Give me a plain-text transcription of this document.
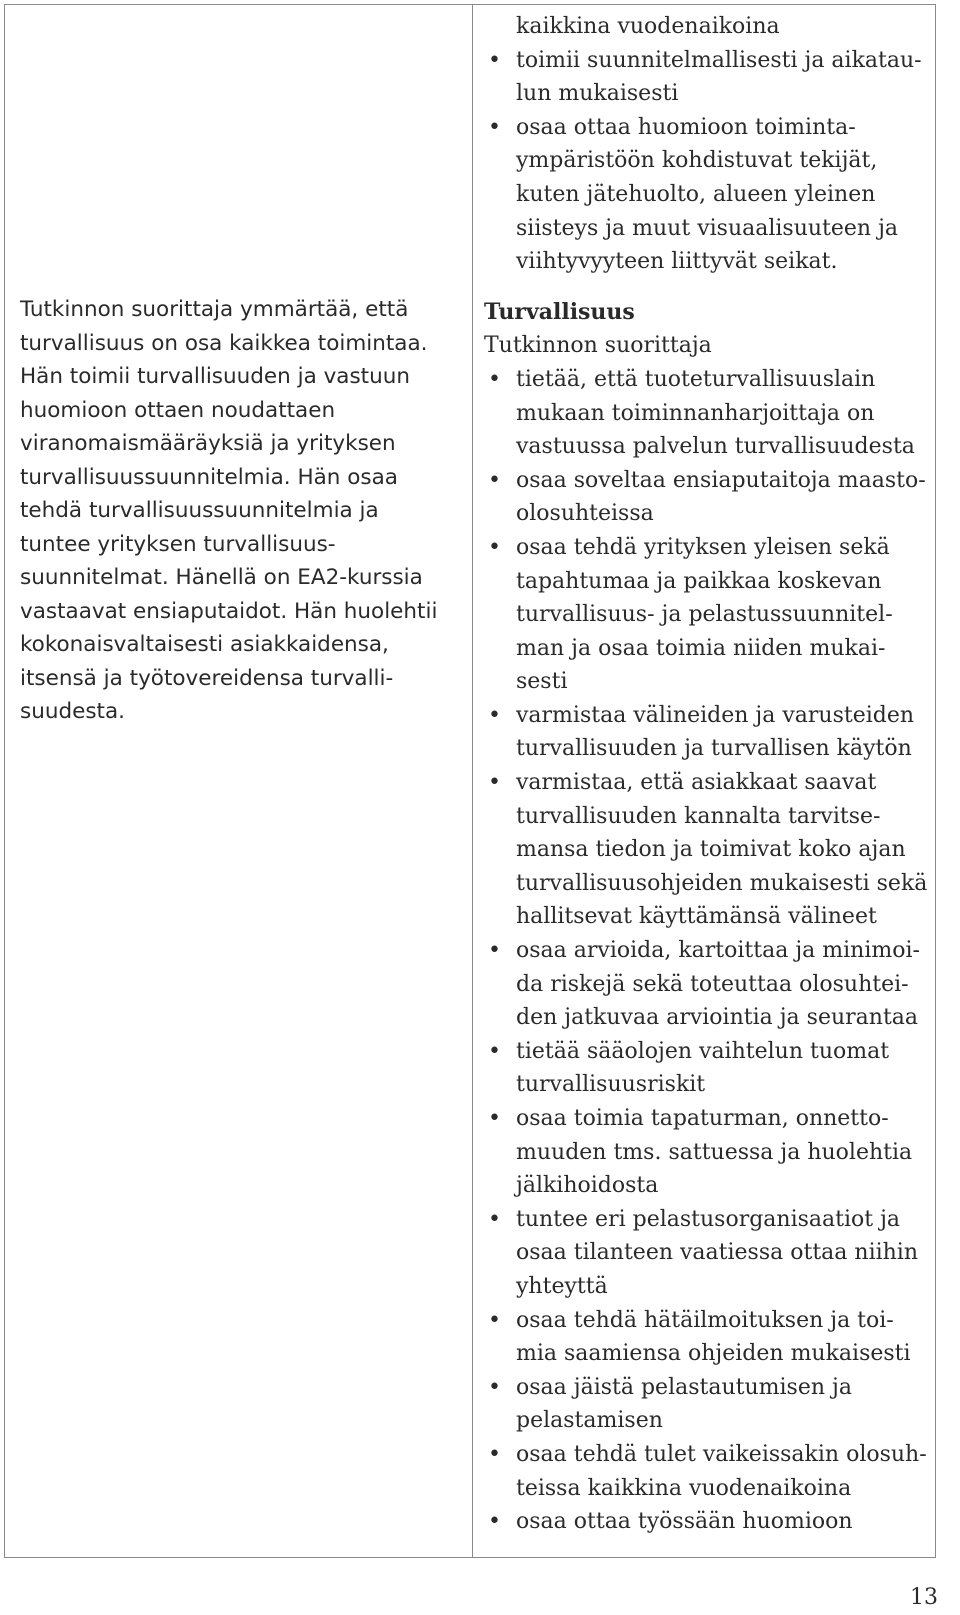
Tutkinnon suorittaja ymmärtää, että
turvallisuus on osa kaikkea toimintaa.
Hän toimii turvallisuuden ja vastuun
huomioon ottaen noudattaen
viranomaismääräyksiä ja yrityksen
turvallisuussuunnitelmia. Hän osaa
tehdä turvallisuussuunnitelmia ja
tuntee yrityksen turvallisuus-
suunnitelmat. Hänellä on EA2-kurssia
vastaavat ensiaputaidot. Hän huolehtii
kokonaisvaltaisesti asiakkaidensa,
itsensä ja työtovereidensa turvalli-
suudesta.
kaikkina vuodenaikoina
• toimii suunnitelmallisesti ja aikatau-
lun mukaisesti
• osaa ottaa huomioon toiminta-
ympäristöön kohdistuvat tekijät,
kuten jätehuolto, alueen yleinen
siisteys ja muut visuaalisuuteen ja
viihtyvyyteen liittyvät seikat.
Turvallisuus
Tutkinnon suorittaja
• tietää, että tuoteturvallisuuslain
mukaan toiminnanharjoittaja on
vastuussa palvelun turvallisuudesta
• osaa soveltaa ensiaputaitoja maasto-
olosuhteissa
• osaa tehdä yrityksen yleisen sekä
tapahtumaa ja paikkaa koskevan
turvallisuus- ja pelastussuunnitel-
man ja osaa toimia niiden mukai-
sesti
• varmistaa välineiden ja varusteiden
turvallisuuden ja turvallisen käytön
• varmistaa, että asiakkaat saavat
turvallisuuden kannalta tarvitse-
mansa tiedon ja toimivat koko ajan
turvallisuusohjeiden mukaisesti sekä
hallitsevat käyttämänsä välineet
• osaa arvioida, kartoittaa ja minimoi-
da riskejä sekä toteuttaa olosuhtei-
den jatkuvaa arviointia ja seurantaa
• tietää sääolojen vaihtelun tuomat
turvallisuusriskit
• osaa toimia tapaturman, onnetto-
muuden tms. sattuessa ja huolehtia
jälkihoidosta
• tuntee eri pelastusorganisaatiot ja
osaa tilanteen vaatiessa ottaa niihin
yhteyttä
• osaa tehdä hätäilmoituksen ja toi-
mia saamiensa ohjeiden mukaisesti
• osaa jäistä pelastautumisen ja
pelastamisen
• osaa tehdä tulet vaikeissakin olosuh-
teissa kaikkina vuodenaikoina
• osaa ottaa työssään huomioon
13
